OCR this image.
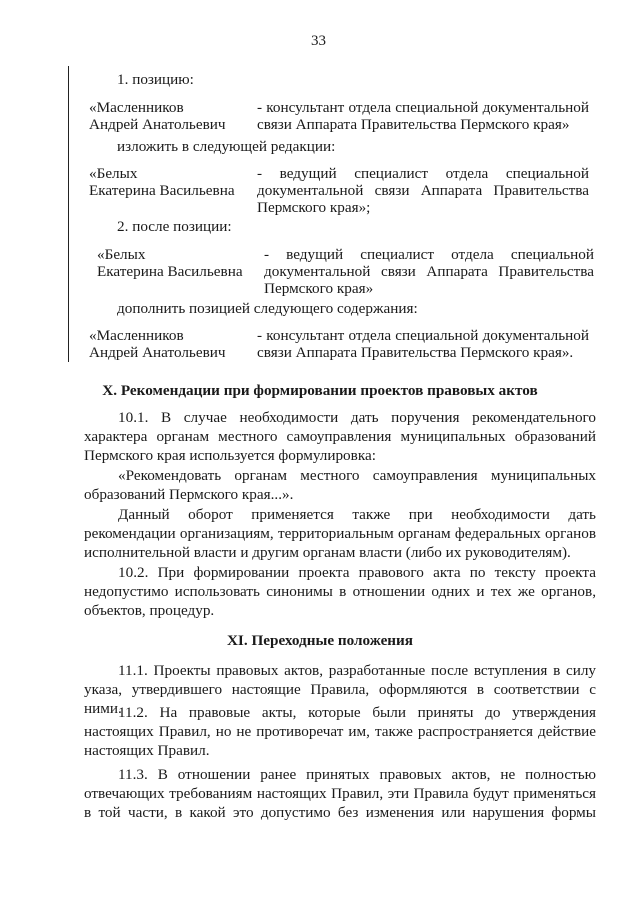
33
1. позицию:
«Масленников
Андрей Анатольевич
- консультант отдела специальной документальной связи Аппарата Правительства Пермского края»
изложить в следующей редакции:
«Белых
Екатерина Васильевна
- ведущий специалист отдела специальной документальной связи Аппарата Правительства Пермского края»;
2. после позиции:
«Белых
Екатерина Васильевна
- ведущий специалист отдела специальной документальной связи Аппарата Правительства Пермского края»
дополнить позицией следующего содержания:
«Масленников
Андрей Анатольевич
- консультант отдела специальной документальной связи Аппарата Правительства Пермского края».
X. Рекомендации при формировании проектов правовых актов
10.1. В случае необходимости дать поручения рекомендательного характера органам местного самоуправления муниципальных образований Пермского края используется формулировка:
«Рекомендовать органам местного самоуправления муниципальных образований Пермского края...».
Данный оборот применяется также при необходимости дать рекомендации организациям, территориальным органам федеральных органов исполнительной власти и другим органам власти (либо их руководителям).
10.2. При формировании проекта правового акта по тексту проекта недопустимо использовать синонимы в отношении одних и тех же органов, объектов, процедур.
XI. Переходные положения
11.1. Проекты правовых актов, разработанные после вступления в силу указа, утвердившего настоящие Правила, оформляются в соответствии с ними.
11.2. На правовые акты, которые были приняты до утверждения настоящих Правил, но не противоречат им, также распространяется действие настоящих Правил.
11.3. В отношении ранее принятых правовых актов, не полностью отвечающих требованиям настоящих Правил, эти Правила будут применяться в той части, в какой это допустимо без изменения или нарушения формы
